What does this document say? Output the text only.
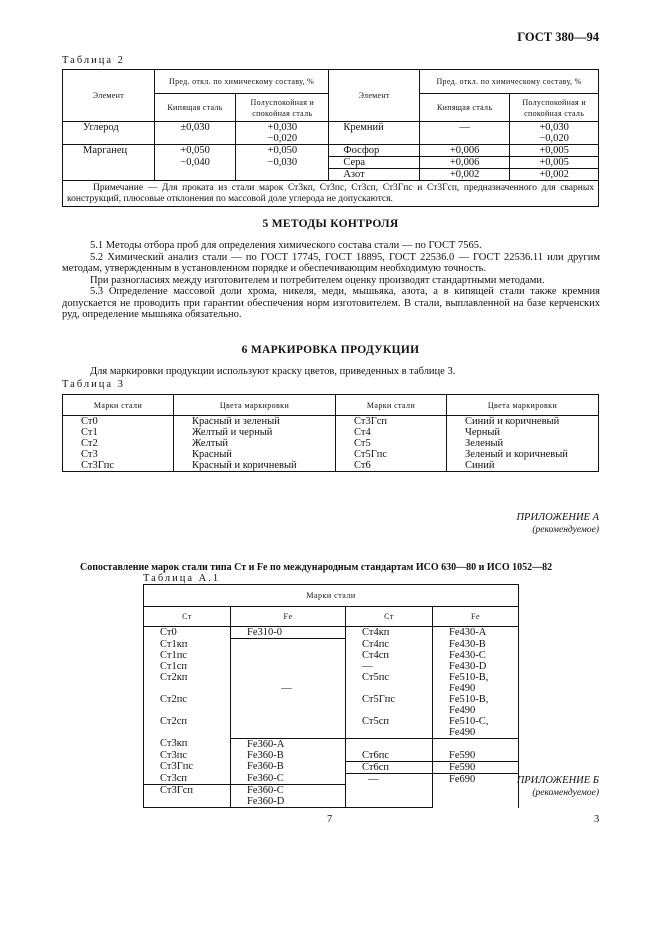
ГОСТ 380—94
Таблица 2
Элемент	Пред. откл. по химическому составу, %		Элемент	Пред. откл. по химическому составу, %	
	Кипящая сталь	Полуспокойная и спокойная сталь		Кипящая сталь	Полуспокойная и спокойная сталь
Углерод	±0,030	+0,030	Кремний	—	+0,030
		−0,020			−0,020
Марганец	+0,050	+0,050	Фосфор	+0,006	+0,005
	−0,040	−0,030	Сера	+0,006	+0,005
			Азот	+0,002	+0,002
Примечание — Для проката из стали марок Ст3кп, Ст3пс, Ст3сп, Ст3Гпс и Ст3Гсп, предназначенного для сварных конструкций, плюсовые отклонения по массовой доле углерода не допускаются.					
5 МЕТОДЫ КОНТРОЛЯ

5.1 Методы отбора проб для определения химического состава стали — по ГОСТ 7565.

5.2 Химический анализ стали — по ГОСТ 17745, ГОСТ 18895, ГОСТ 22536.0 — ГОСТ 22536.11 или другим методам, утвержденным в установленном порядке и обеспечивающим необходимую точность.

При разногласиях между изготовителем и потребителем оценку производят стандартными методами.

5.3 Определение массовой доли хрома, никеля, меди, мышьяка, азота, а в кипящей стали также кремния допускается не проводить при гарантии обеспечения норм изготовителем. В стали, выплавленной на базе керченских руд, определение мышьяка обязательно.

6 МАРКИРОВКА ПРОДУКЦИИ

Для маркировки продукции используют краску цветов, приведенных в таблице 3.

Таблица 3
Марки стали	Цвета маркировки	Марки стали	Цвета маркировки
Ст0	Красный и зеленый	Ст3Гсп	Синий и коричневый
Ст1	Желтый и черный	Ст4	Черный
Ст2	Желтый	Ст5	Зеленый
Ст3	Красный	Ст5Гпс	Зеленый и коричневый
Ст3Гпс	Красный и коричневый	Ст6	Синий
ПРИЛОЖЕНИЕ А
(рекомендуемое)
Сопоставление марок стали типа Ст и Fe по международным стандартам ИСО 630—80 и ИСО 1052—82
Таблица А.1
Марки стали			
Ст	Fe	Ст	Fe
Ст0	Fe310-0	Ст4кп	Fe430-A
Ст1кп	—	Ст4пс	Fe430-B
Ст1пс		Ст4сп	Fe430-C
Ст1сп		—	Fe430-D
Ст2кп		Ст5пс	Fe510-B, Fe490
Ст2пс		Ст5Гпс	Fe510-B, Fe490
Ст2сп		Ст5сп	Fe510-C, Fe490
Ст3кп	Fe360-A		
Ст3пс	Fe360-B	Ст6пс	Fe590
Ст3Гпс	Fe360-B	Ст6сп	Fe590
Ст3сп	Fe360-C	—	Fe690
Ст3Гсп	Fe360-C		
	Fe360-D		
ПРИЛОЖЕНИЕ Б
(рекомендуемое)
7	3
